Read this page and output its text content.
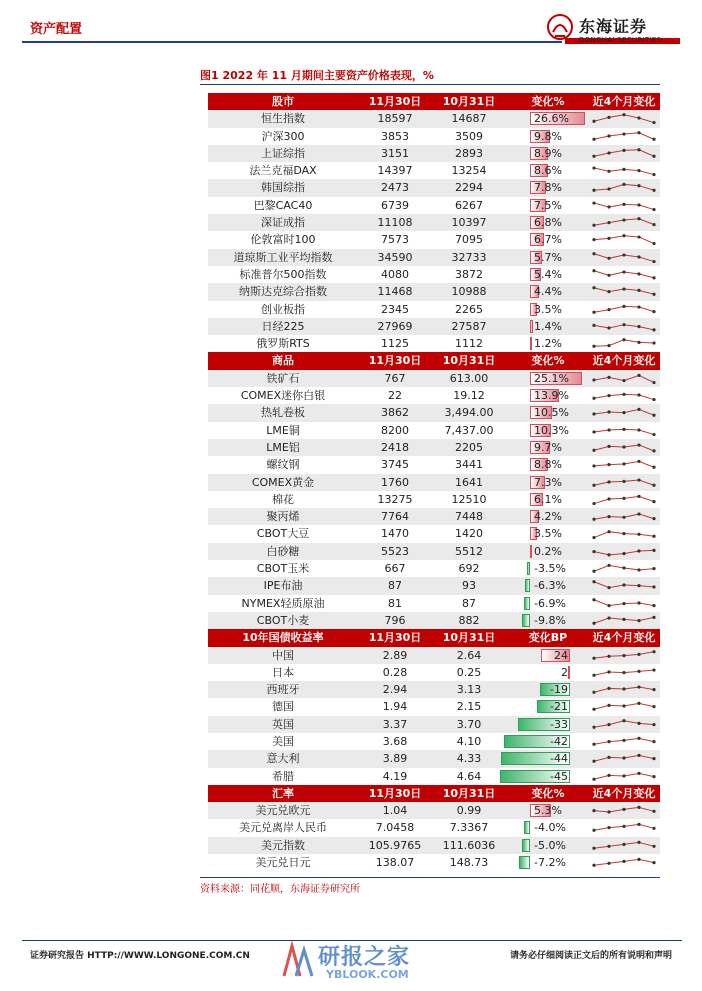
资产配置	东海证券
DONGHAI SECURITIES
图1 2022 年 11 月期间主要资产价格表现，%
股市	11月30日	10月31日	变化%	近4个月变化
恒生指数	18597	14687	26.6%
沪深300	3853	3509	9.8%
上证综指	3151	2893	8.9%
法兰克福DAX	14397	13254	8.6%
韩国综指	2473	2294	7.8%
巴黎CAC40	6739	6267	7.5%
深证成指	11108	10397	6.8%
伦敦富时100	7573	7095	6.7%
道琼斯工业平均指数	34590	32733	5.7%
标准普尔500指数	4080	3872	5.4%
纳斯达克综合指数	11468	10988	4.4%
创业板指	2345	2265	3.5%
日经225	27969	27587	1.4%
俄罗斯RTS	1125	1112	1.2%
商品	11月30日	10月31日	变化%	近4个月变化
铁矿石	767	613.00	25.1%
COMEX迷你白银	22	19.12	13.9%
热轧卷板	3862	3,494.00	10.5%
LME铜	8200	7,437.00	10.3%
LME铝	2418	2205	9.7%
螺纹钢	3745	3441	8.8%
COMEX黄金	1760	1641	7.3%
棉花	13275	12510	6.1%
聚丙烯	7764	7448	4.2%
CBOT大豆	1470	1420	3.5%
白砂糖	5523	5512	0.2%
CBOT玉米	667	692	-3.5%
IPE布油	87	93	-6.3%
NYMEX轻质原油	81	87	-6.9%
CBOT小麦	796	882	-9.8%
10年国债收益率	11月30日	10月31日	变化BP	近4个月变化
中国	2.89	2.64	24
日本	0.28	0.25	2
西班牙	2.94	3.13	-19
德国	1.94	2.15	-21
英国	3.37	3.70	-33
美国	3.68	4.10	-42
意大利	3.89	4.33	-44
希腊	4.19	4.64	-45
汇率	11月30日	10月31日	变化%	近4个月变化
美元兑欧元	1.04	0.99	5.3%
美元兑离岸人民币	7.0458	7.3367	-4.0%
美元指数	105.9765	111.6036	-5.0%
美元兑日元	138.07	148.73	-7.2%
资料来源：同花顺，东海证券研究所
证券研究报告 HTTP://WWW.LONGONE.COM.CN	请务必仔细阅读正文后的所有说明和声明
研报之家
YBLOOK.COM
